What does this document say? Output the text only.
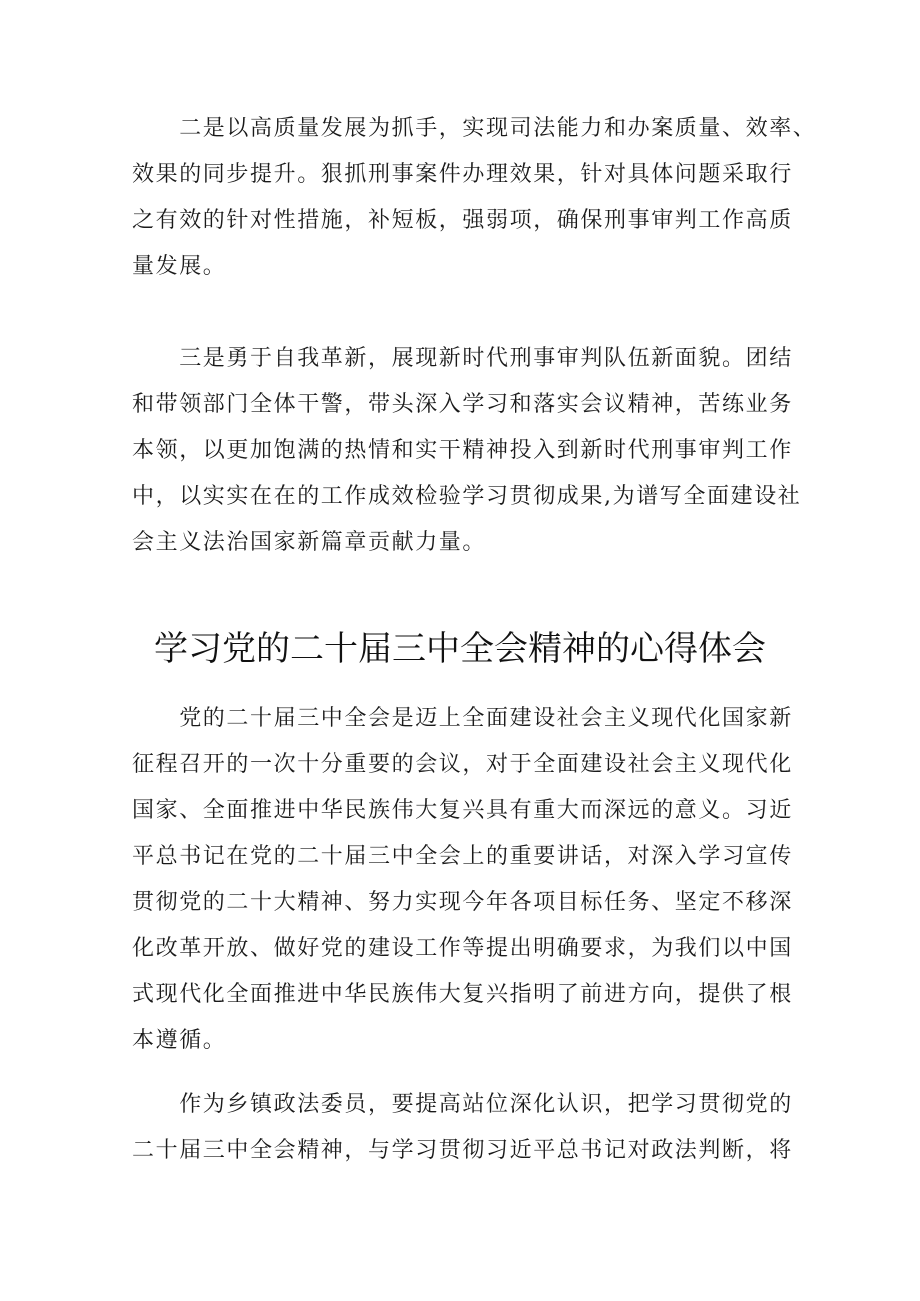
　　二是以高质量发展为抓手，实现司法能力和办案质量、效率、
效果的同步提升。狠抓刑事案件办理效果，针对具体问题采取行
之有效的针对性措施，补短板，强弱项，确保刑事审判工作高质
量发展。
　　三是勇于自我革新，展现新时代刑事审判队伍新面貌。团结
和带领部门全体干警，带头深入学习和落实会议精神，苦练业务
本领，以更加饱满的热情和实干精神投入到新时代刑事审判工作
中，以实实在在的工作成效检验学习贯彻成果,为谱写全面建设社
会主义法治国家新篇章贡献力量。
学习党的二十届三中全会精神的心得体会
　　党的二十届三中全会是迈上全面建设社会主义现代化国家新
征程召开的一次十分重要的会议，对于全面建设社会主义现代化
国家、全面推进中华民族伟大复兴具有重大而深远的意义。习近
平总书记在党的二十届三中全会上的重要讲话，对深入学习宣传
贯彻党的二十大精神、努力实现今年各项目标任务、坚定不移深
化改革开放、做好党的建设工作等提出明确要求，为我们以中国
式现代化全面推进中华民族伟大复兴指明了前进方向，提供了根
本遵循。
　　作为乡镇政法委员，要提高站位深化认识，把学习贯彻党的
二十届三中全会精神，与学习贯彻习近平总书记对政法判断，将
